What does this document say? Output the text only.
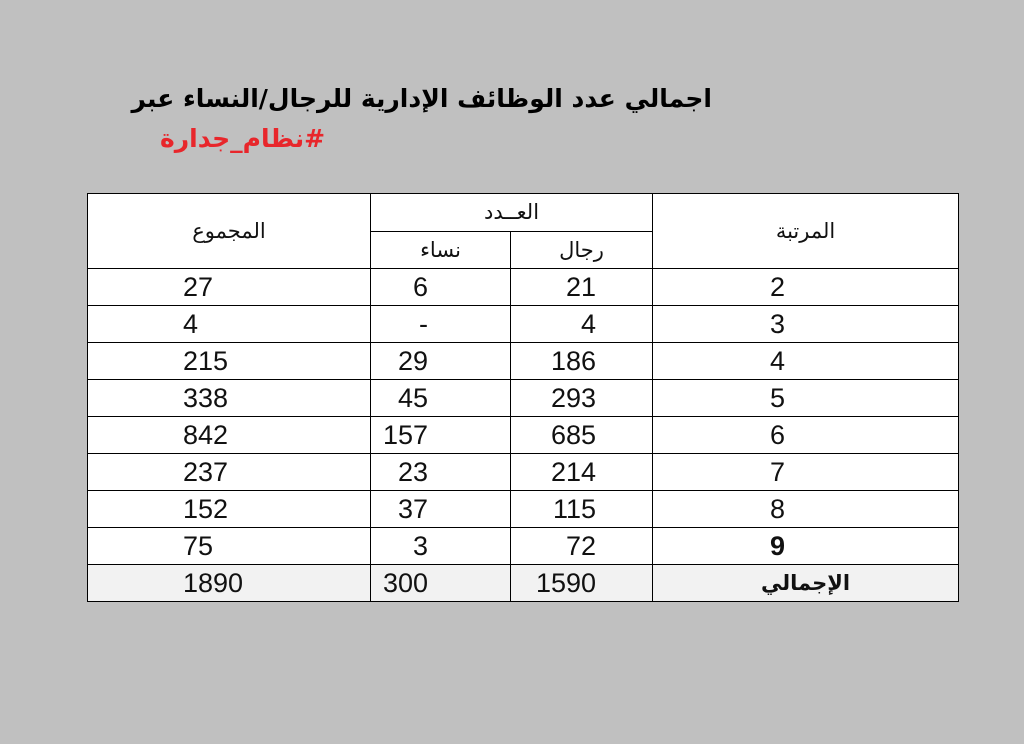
اجمالي عدد الوظائف الإدارية للرجال/النساء عبر
#نظام_جدارة
المجموع	العــدد		المرتبة
	نساء	رجال	
27	6	21	2
4	-	4	3
215	29	186	4
338	45	293	5
842	157	685	6
237	23	214	7
152	37	115	8
75	3	72	9
1890	300	1590	الإجمالي
